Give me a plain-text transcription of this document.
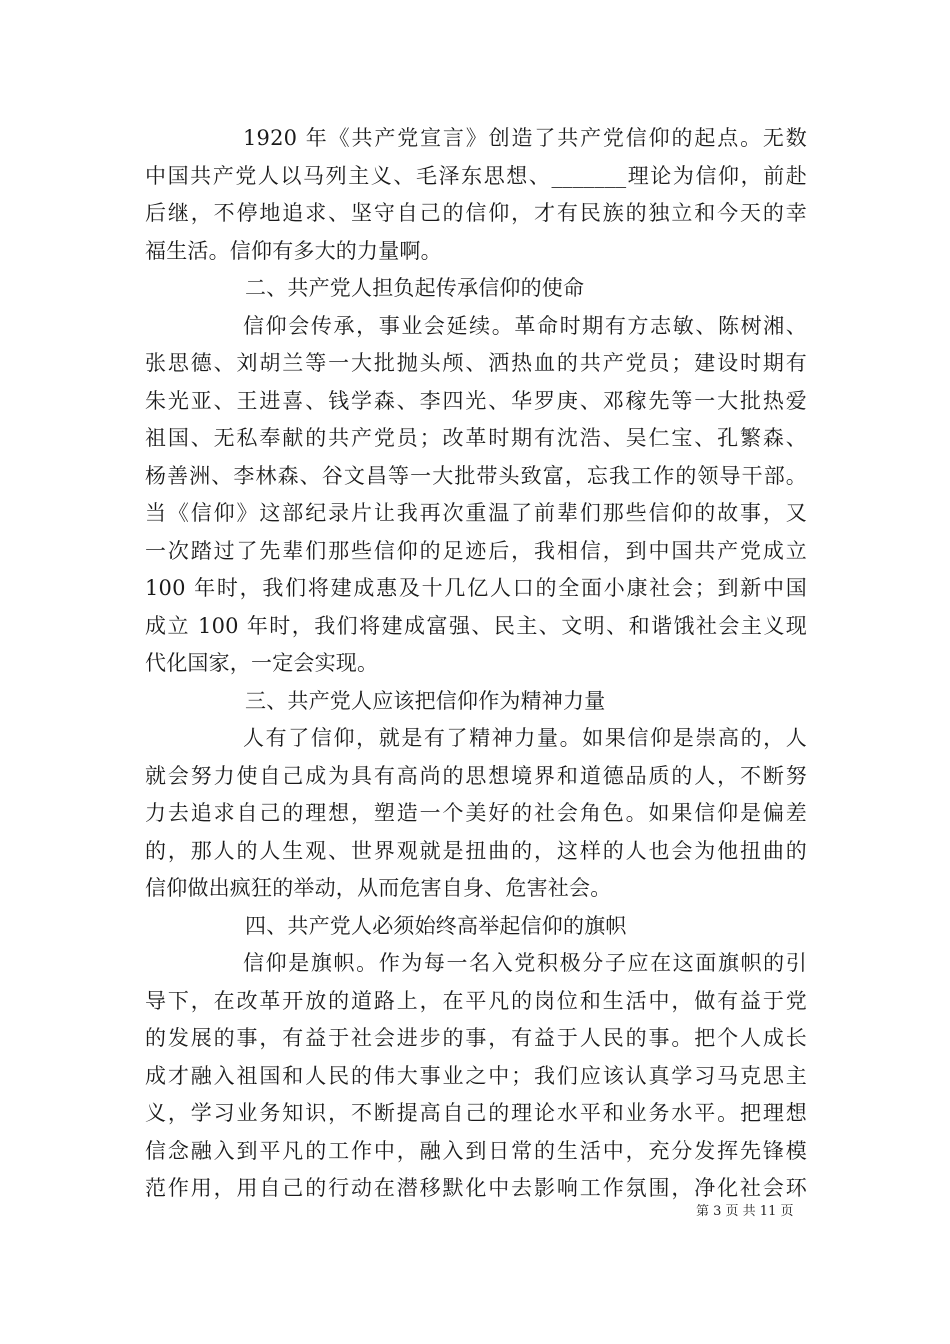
1920 年《共产党宣言》创造了共产党信仰的起点。无数
中国共产党人以马列主义、毛泽东思想、_______理论为信仰，前赴
后继，不停地追求、坚守自己的信仰，才有民族的独立和今天的幸
福生活。信仰有多大的力量啊。
二、共产党人担负起传承信仰的使命
信仰会传承，事业会延续。革命时期有方志敏、陈树湘、
张思德、刘胡兰等一大批抛头颅、洒热血的共产党员；建设时期有
朱光亚、王进喜、钱学森、李四光、华罗庚、邓稼先等一大批热爱
祖国、无私奉献的共产党员；改革时期有沈浩、吴仁宝、孔繁森、
杨善洲、李林森、谷文昌等一大批带头致富，忘我工作的领导干部。
当《信仰》这部纪录片让我再次重温了前辈们那些信仰的故事，又
一次踏过了先辈们那些信仰的足迹后，我相信，到中国共产党成立
100 年时，我们将建成惠及十几亿人口的全面小康社会；到新中国
成立 100 年时，我们将建成富强、民主、文明、和谐饿社会主义现
代化国家，一定会实现。
三、共产党人应该把信仰作为精神力量
人有了信仰，就是有了精神力量。如果信仰是崇高的，人
就会努力使自己成为具有高尚的思想境界和道德品质的人，不断努
力去追求自己的理想，塑造一个美好的社会角色。如果信仰是偏差
的，那人的人生观、世界观就是扭曲的，这样的人也会为他扭曲的
信仰做出疯狂的举动，从而危害自身、危害社会。
四、共产党人必须始终高举起信仰的旗帜
信仰是旗帜。作为每一名入党积极分子应在这面旗帜的引
导下，在改革开放的道路上，在平凡的岗位和生活中，做有益于党
的发展的事，有益于社会进步的事，有益于人民的事。把个人成长
成才融入祖国和人民的伟大事业之中；我们应该认真学习马克思主
义，学习业务知识，不断提高自己的理论水平和业务水平。把理想
信念融入到平凡的工作中，融入到日常的生活中，充分发挥先锋模
范作用，用自己的行动在潜移默化中去影响工作氛围，净化社会环
第 3 页 共 11 页
